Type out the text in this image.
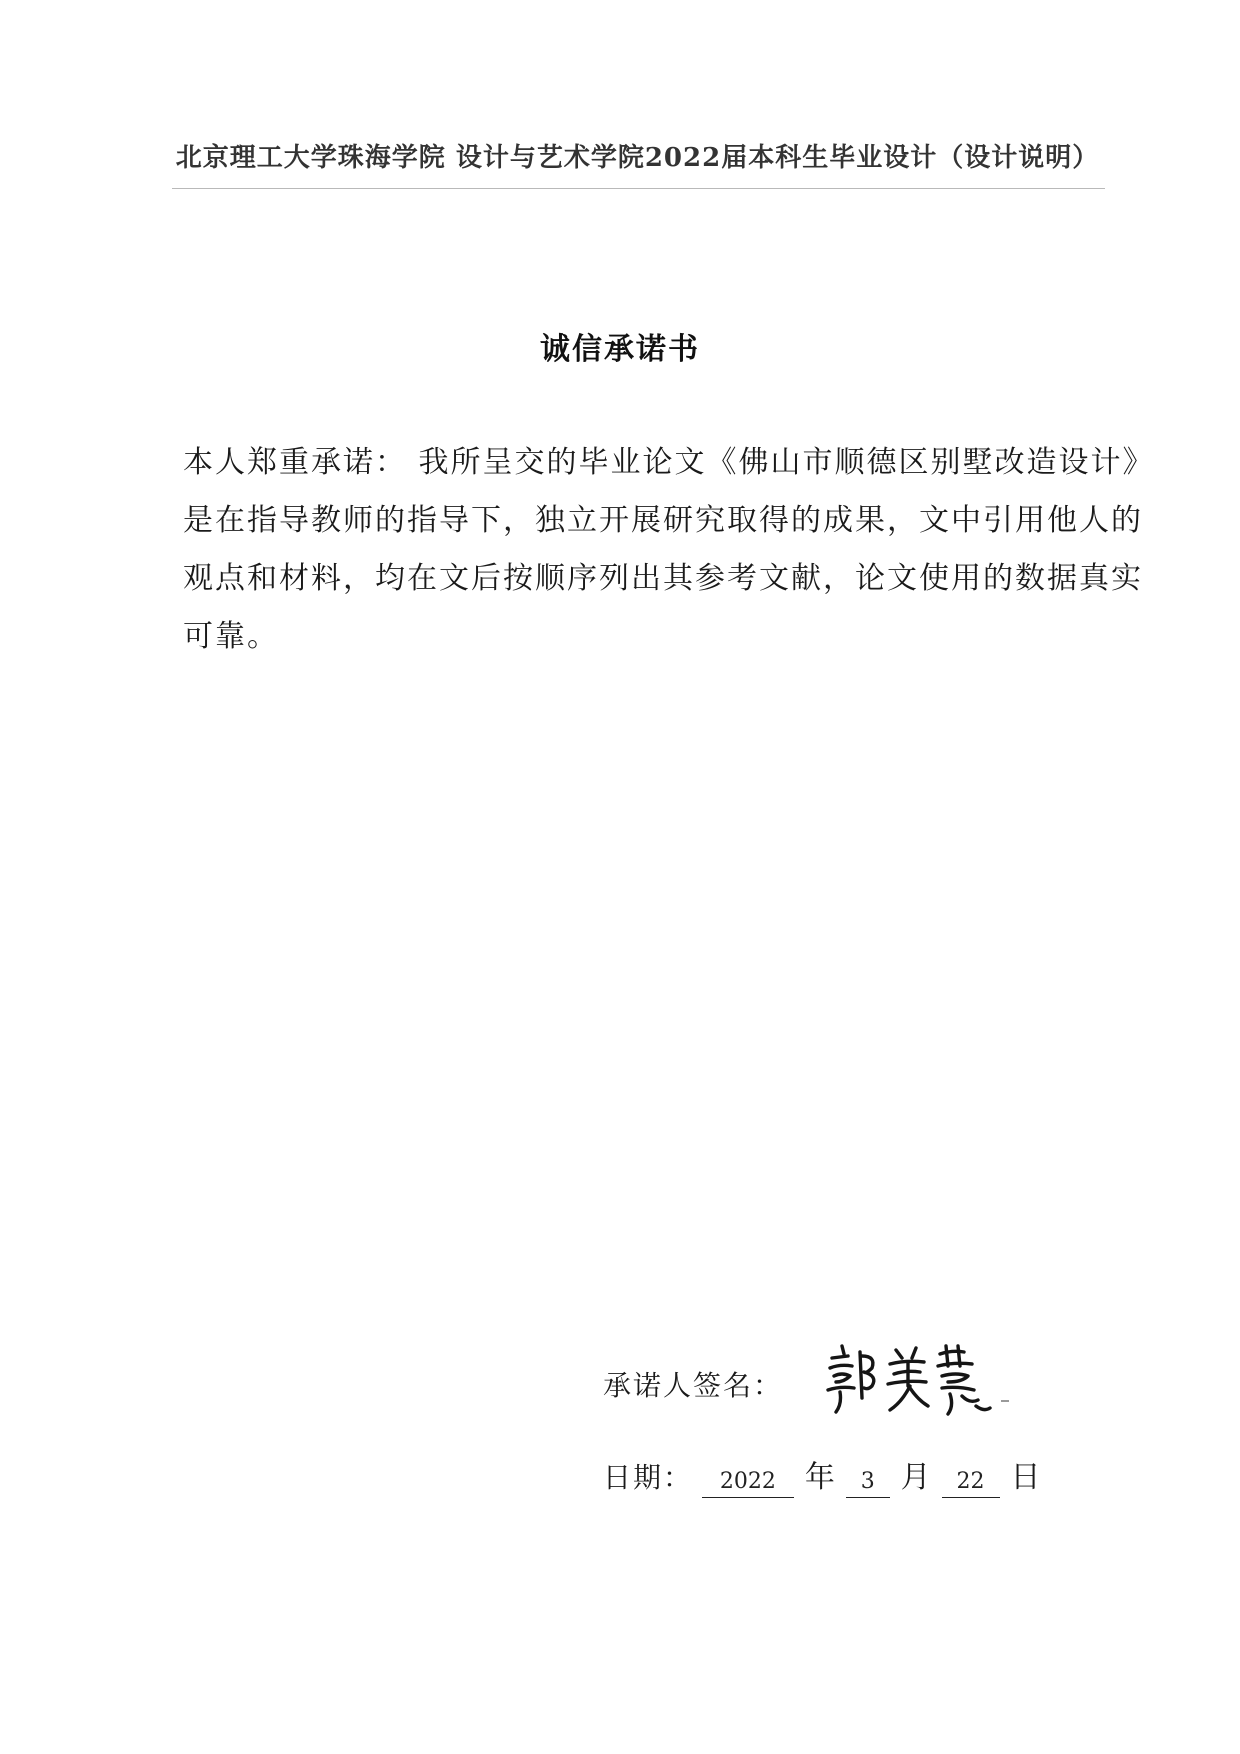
北京理工大学珠海学院 设计与艺术学院2022届本科生毕业设计（设计说明）
诚信承诺书
本人郑重承诺： 我所呈交的毕业论文《佛山市顺德区别墅改造设计》
是在指导教师的指导下，独立开展研究取得的成果，文中引用他人的
观点和材料，均在文后按顺序列出其参考文献，论文使用的数据真实
可靠。
承诺人签名：
日期： 2022 年 3 月 22 日
